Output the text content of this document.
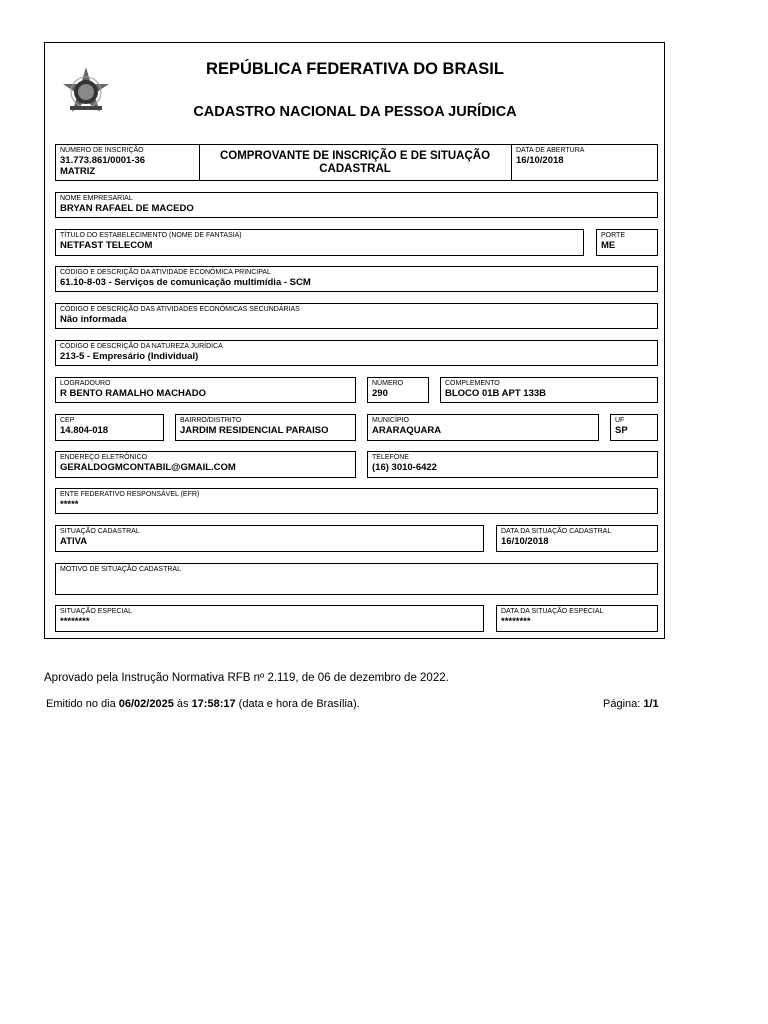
REPÚBLICA FEDERATIVA DO BRASIL
CADASTRO NACIONAL DA PESSOA JURÍDICA
NÚMERO DE INSCRIÇÃO
31.773.861/0001-36
MATRIZ
COMPROVANTE DE INSCRIÇÃO E DE SITUAÇÃO
CADASTRAL
DATA DE ABERTURA
16/10/2018
NOME EMPRESARIAL
BRYAN RAFAEL DE MACEDO
TÍTULO DO ESTABELECIMENTO (NOME DE FANTASIA)
NETFAST TELECOM
PORTE
ME
CÓDIGO E DESCRIÇÃO DA ATIVIDADE ECONÔMICA PRINCIPAL
61.10-8-03 - Serviços de comunicação multimídia - SCM
CÓDIGO E DESCRIÇÃO DAS ATIVIDADES ECONÔMICAS SECUNDÁRIAS
Não informada
CÓDIGO E DESCRIÇÃO DA NATUREZA JURÍDICA
213-5 - Empresário (Individual)
LOGRADOURO
R BENTO RAMALHO MACHADO
NÚMERO
290
COMPLEMENTO
BLOCO 01B APT 133B
CEP
14.804-018
BAIRRO/DISTRITO
JARDIM RESIDENCIAL PARAISO
MUNICÍPIO
ARARAQUARA
UF
SP
ENDEREÇO ELETRÔNICO
GERALDOGMCONTABIL@GMAIL.COM
TELEFONE
(16) 3010-6422
ENTE FEDERATIVO RESPONSÁVEL (EFR)
*****
SITUAÇÃO CADASTRAL
ATIVA
DATA DA SITUAÇÃO CADASTRAL
16/10/2018
MOTIVO DE SITUAÇÃO CADASTRAL
SITUAÇÃO ESPECIAL
********
DATA DA SITUAÇÃO ESPECIAL
********
Aprovado pela Instrução Normativa RFB nº 2.119, de 06 de dezembro de 2022.
Emitido no dia 06/02/2025 às 17:58:17 (data e hora de Brasília).	Página: 1/1
